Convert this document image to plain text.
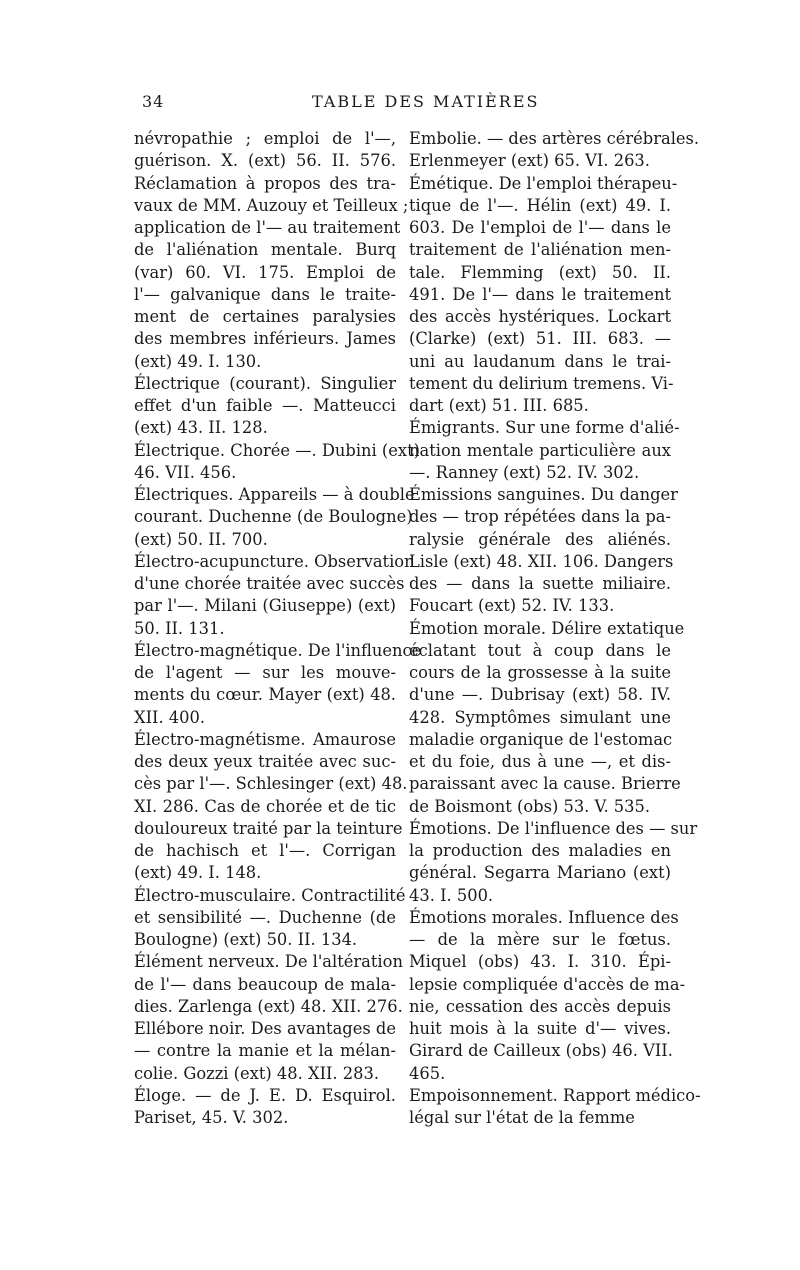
34	TABLE DES MATIÈRES
névropathie ; emploi de l'—,
guérison. X. (ext) 56. II. 576.
Réclamation à propos des tra-
vaux de MM. Auzouy et Teilleux ;
application de l'— au traitement
de l'aliénation mentale. Burq
(var) 60. VI. 175. Emploi de
l'— galvanique dans le traite-
ment de certaines paralysies
des membres inférieurs. James
(ext) 49. I. 130.
Électrique (courant). Singulier
effet d'un faible —. Matteucci
(ext) 43. II. 128.
Électrique. Chorée —. Dubini (ext)
46. VII. 456.
Électriques. Appareils — à double
courant. Duchenne (de Boulogne)
(ext) 50. II. 700.
Électro-acupuncture. Observation
d'une chorée traitée avec succès
par l'—. Milani (Giuseppe) (ext)
50. II. 131.
Électro-magnétique. De l'influence
de l'agent — sur les mouve-
ments du cœur. Mayer (ext) 48.
XII. 400.
Électro-magnétisme. Amaurose
des deux yeux traitée avec suc-
cès par l'—. Schlesinger (ext) 48.
XI. 286. Cas de chorée et de tic
douloureux traité par la teinture
de hachisch et l'—. Corrigan
(ext) 49. I. 148.
Électro-musculaire. Contractilité
et sensibilité —. Duchenne (de
Boulogne) (ext) 50. II. 134.
Élément nerveux. De l'altération
de l'— dans beaucoup de mala-
dies. Zarlenga (ext) 48. XII. 276.
Ellébore noir. Des avantages de
— contre la manie et la mélan-
colie. Gozzi (ext) 48. XII. 283.
Éloge. — de J. E. D. Esquirol.
Pariset, 45. V. 302.
Embolie. — des artères cérébrales.
Erlenmeyer (ext) 65. VI. 263.
Émétique. De l'emploi thérapeu-
tique de l'—. Hélin (ext) 49. I.
603. De l'emploi de l'— dans le
traitement de l'aliénation men-
tale. Flemming (ext) 50. II.
491. De l'— dans le traitement
des accès hystériques. Lockart
(Clarke) (ext) 51. III. 683. —
uni au laudanum dans le trai-
tement du delirium tremens. Vi-
dart (ext) 51. III. 685.
Émigrants. Sur une forme d'alié-
nation mentale particulière aux
—. Ranney (ext) 52. IV. 302.
Émissions sanguines. Du danger
des — trop répétées dans la pa-
ralysie générale des aliénés.
Lisle (ext) 48. XII. 106. Dangers
des — dans la suette miliaire.
Foucart (ext) 52. IV. 133.
Émotion morale. Délire extatique
éclatant tout à coup dans le
cours de la grossesse à la suite
d'une —. Dubrisay (ext) 58. IV.
428. Symptômes simulant une
maladie organique de l'estomac
et du foie, dus à une —, et dis-
paraissant avec la cause. Brierre
de Boismont (obs) 53. V. 535.
Émotions. De l'influence des — sur
la production des maladies en
général. Segarra Mariano (ext)
43. I. 500.
Émotions morales. Influence des
— de la mère sur le fœtus.
Miquel (obs) 43. I. 310. Épi-
lepsie compliquée d'accès de ma-
nie, cessation des accès depuis
huit mois à la suite d'— vives.
Girard de Cailleux (obs) 46. VII.
465.
Empoisonnement. Rapport médico-
légal sur l'état de la femme
